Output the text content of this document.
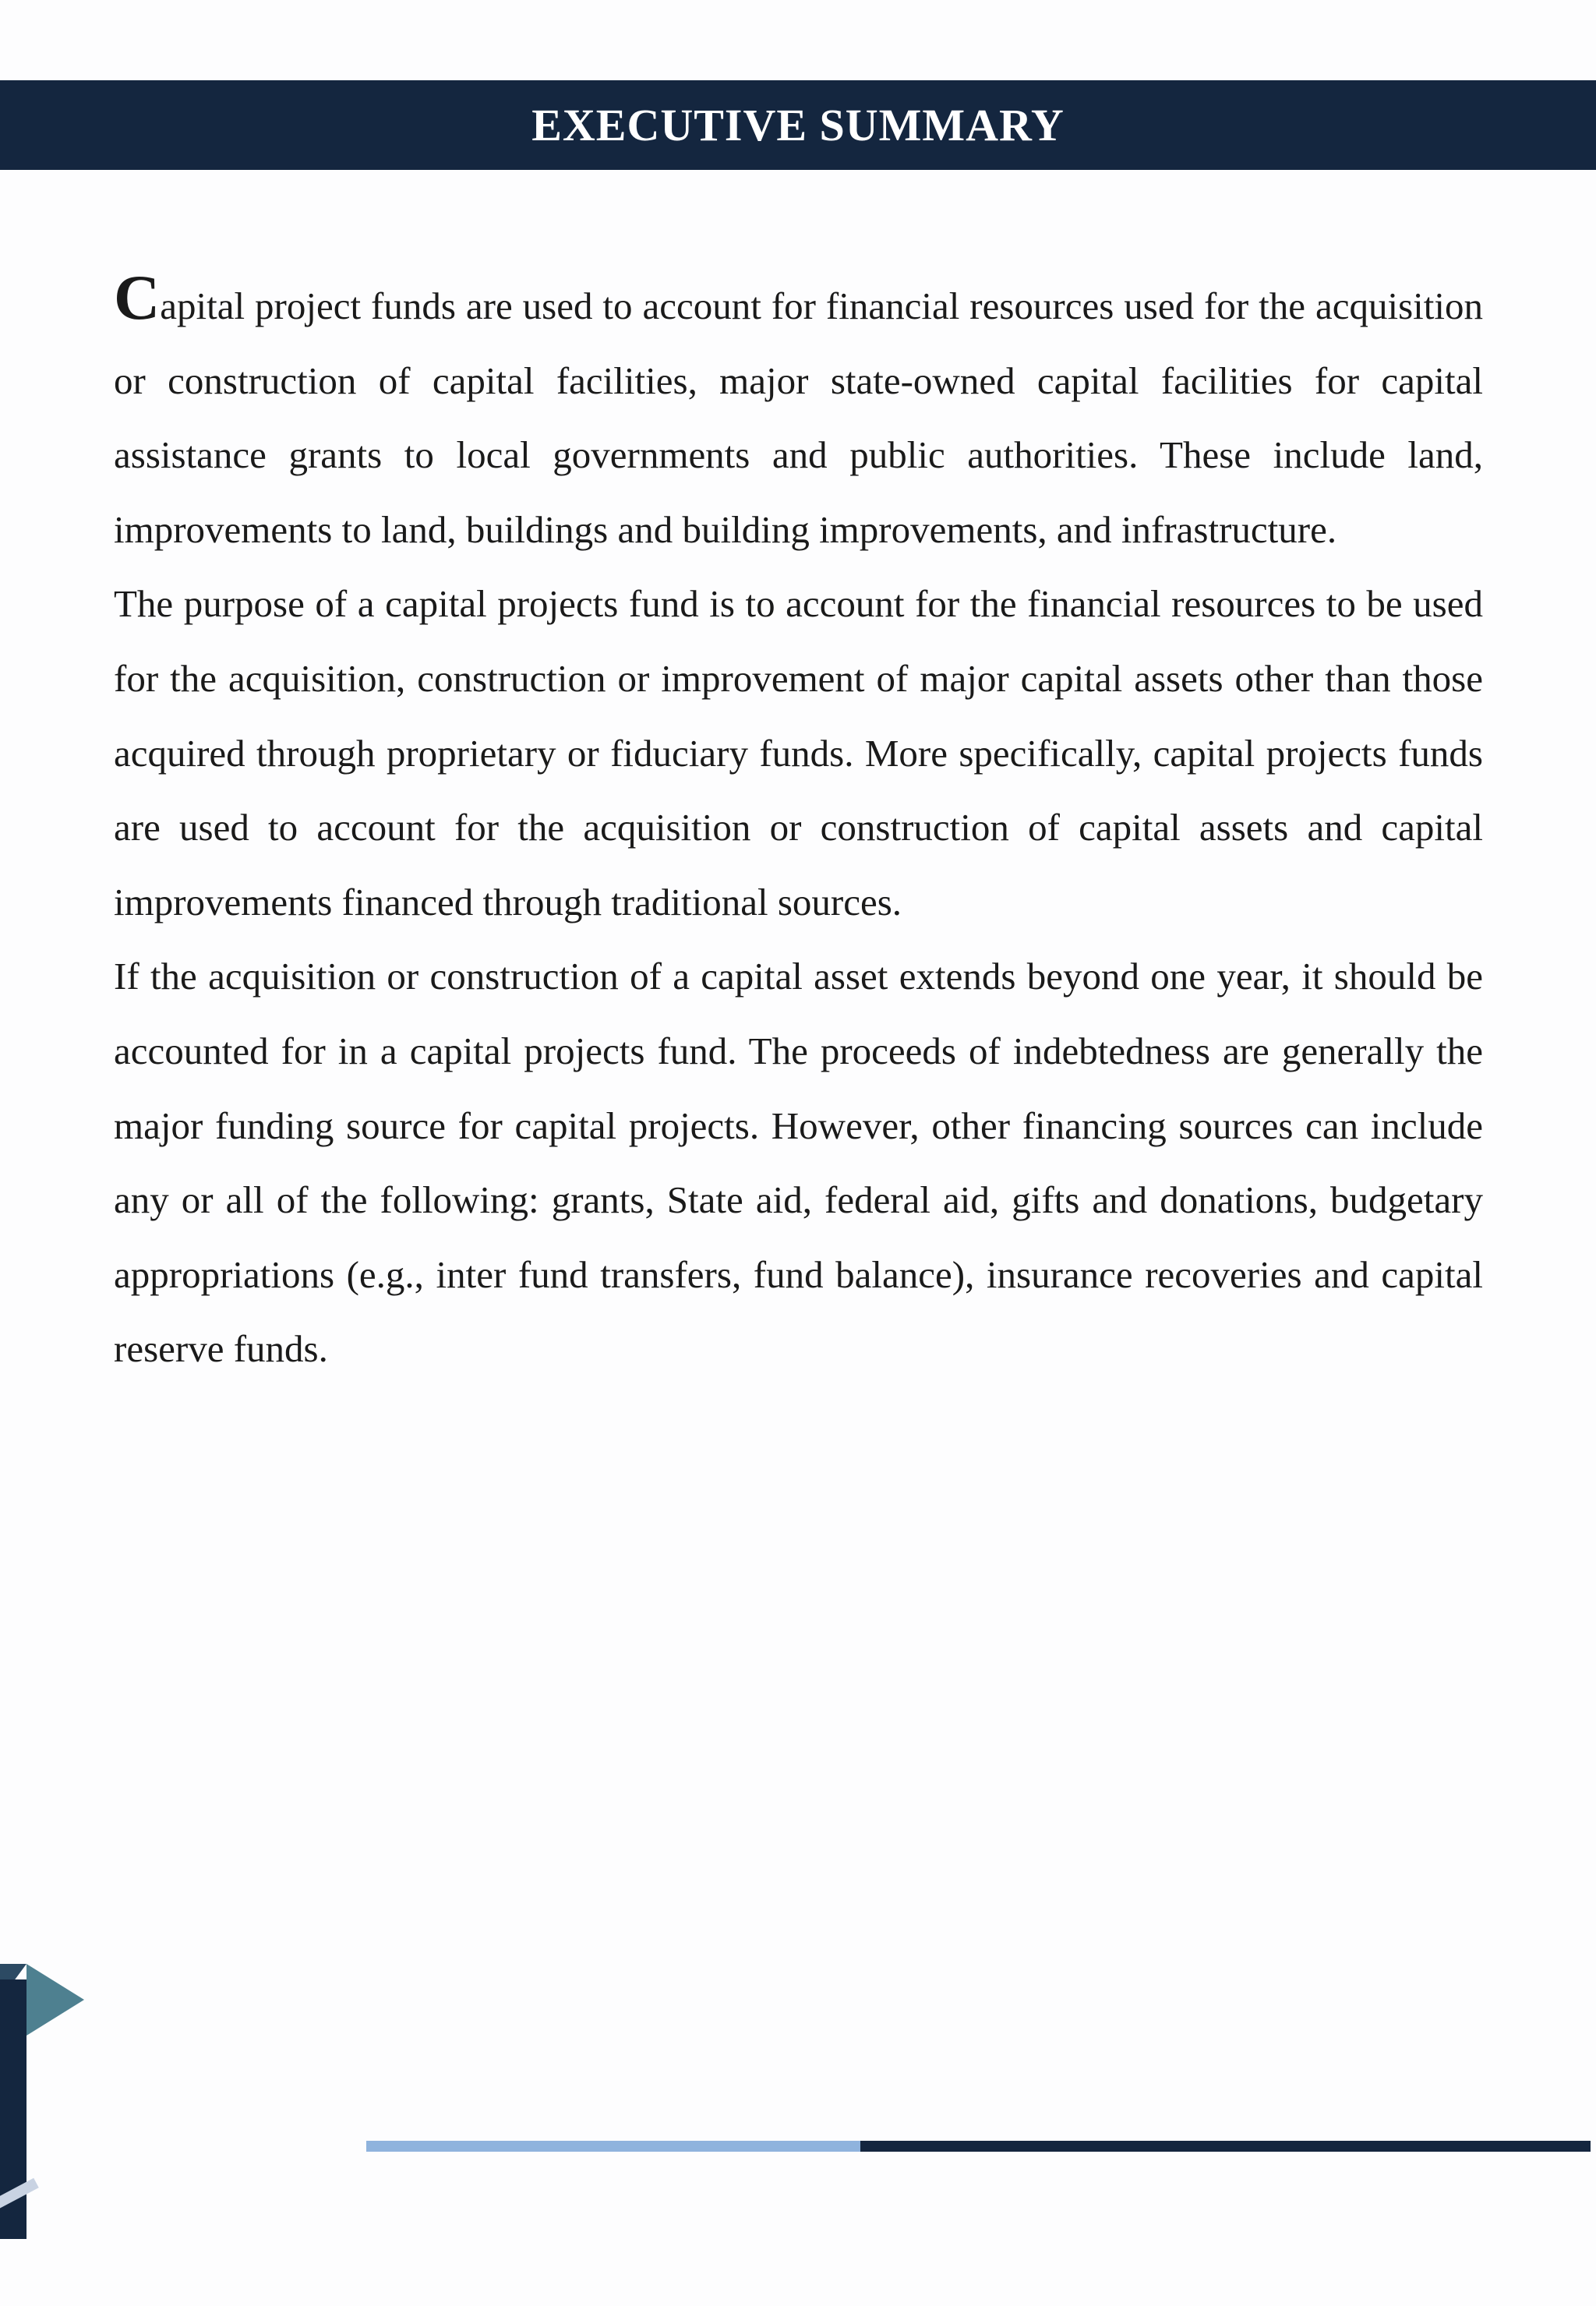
EXECUTIVE SUMMARY

Capital project funds are used to account for financial resources used for the acquisition or construction of capital facilities, major state-owned capital facilities for capital assistance grants to local governments and public authorities. These include land, improvements to land, buildings and building improvements, and infrastructure.

The purpose of a capital projects fund is to account for the financial resources to be used for the acquisition, construction or improvement of major capital assets other than those acquired through proprietary or fiduciary funds. More specifically, capital projects funds are used to account for the acquisition or construction of capital assets and capital improvements financed through traditional sources.

If the acquisition or construction of a capital asset extends beyond one year, it should be accounted for in a capital projects fund. The proceeds of indebtedness are generally the major funding source for capital projects. However, other financing sources can include any or all of the following: grants, State aid, federal aid, gifts and donations, budgetary appropriations (e.g., inter fund transfers, fund balance), insurance recoveries and capital reserve funds.
